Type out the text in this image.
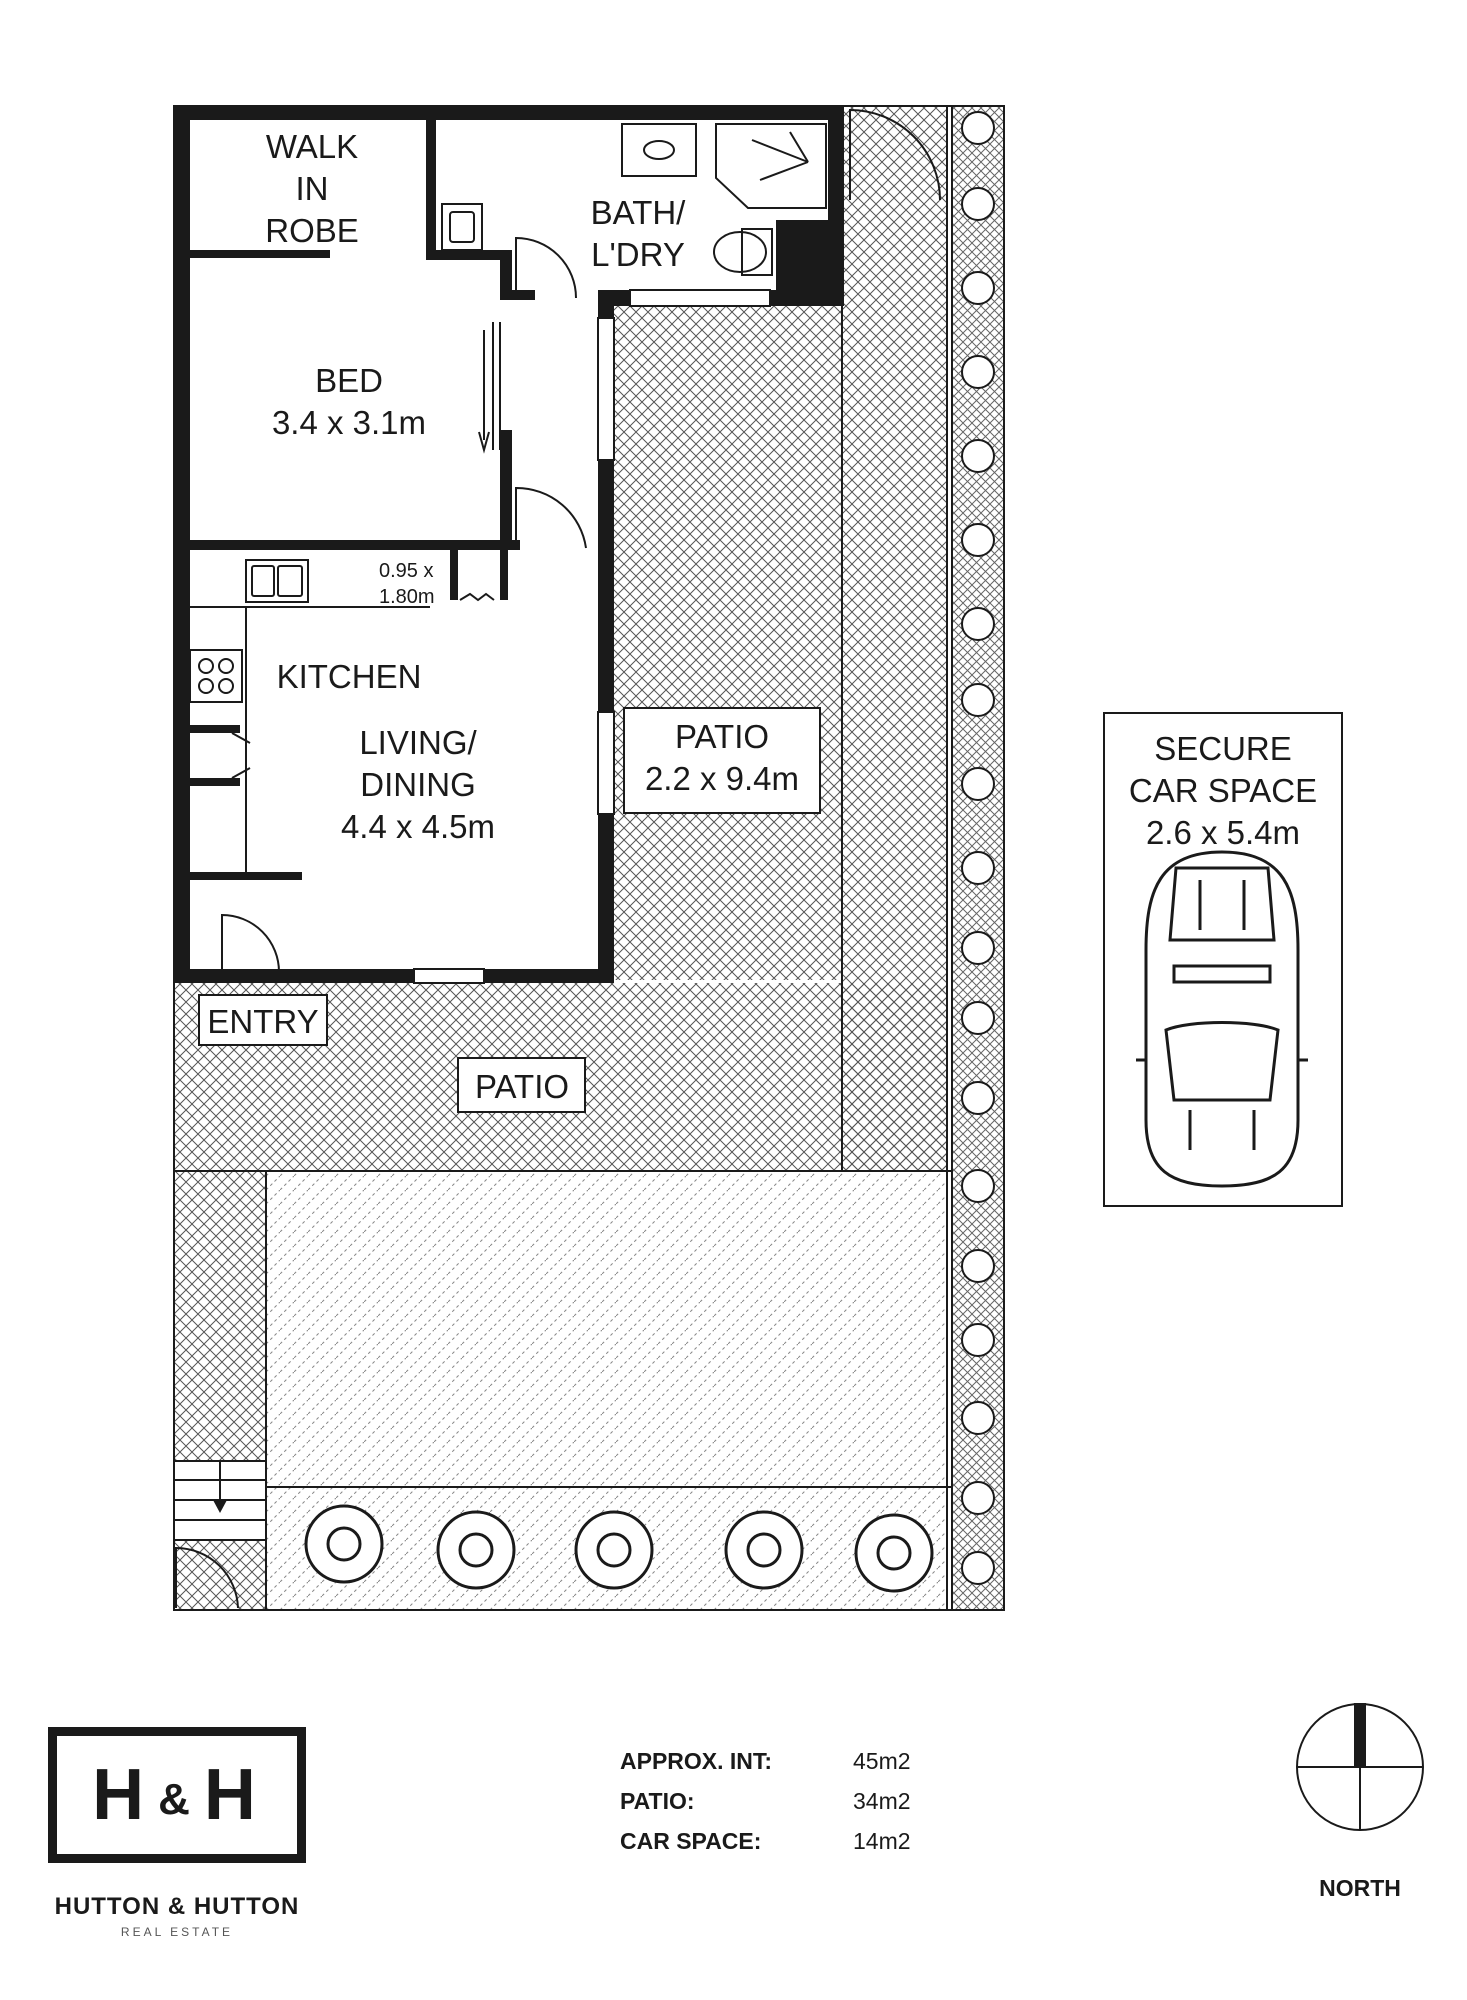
WALK
IN
ROBE	BATH/
L'DRY
BED
3.4 x 3.1m
0.95 x
1.80m
KITCHEN
LIVING/
DINING
4.4 x 4.5m
PATIO
2.2 x 9.4m
ENTRY
PATIO
SECURE
CAR SPACE
2.6 x 5.4m
H & H
HUTTON & HUTTON
REAL ESTATE
APPROX. INT:	45m2
PATIO:	34m2
CAR SPACE:	14m2
NORTH
